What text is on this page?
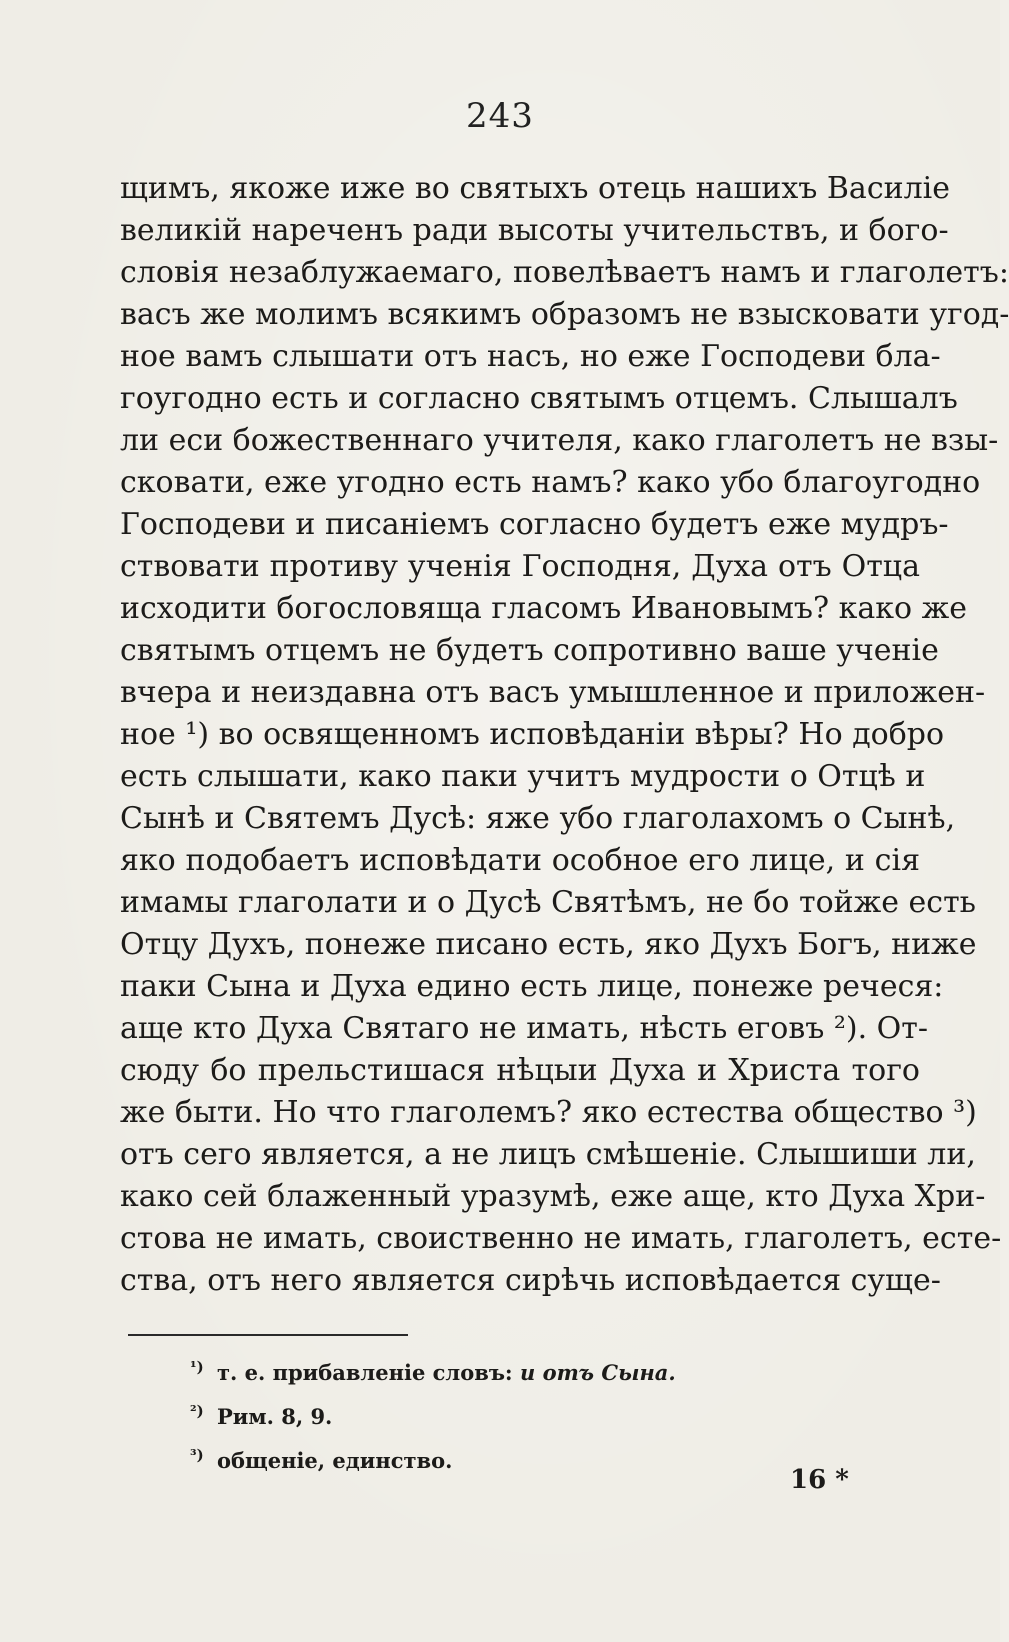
243
щимъ, якоже иже во святыхъ отець нашихъ Василіе
великій нареченъ ради высоты учительствъ, и бого-
словія незаблужаемаго, повелѣваетъ намъ и глаголетъ:
васъ же молимъ всякимъ образомъ не взысковати угод-
ное вамъ слышати отъ насъ, но еже Господеви бла-
гоугодно есть и согласно святымъ отцемъ. Слышалъ
ли еси божественнаго учителя, како глаголетъ не взы-
сковати, еже угодно есть намъ? како убо благоугодно
Господеви и писаніемъ согласно будетъ еже мудръ-
ствовати противу ученія Господня, Духа отъ Отца
исходити богословяща гласомъ Ивановымъ? како же
святымъ отцемъ не будетъ сопротивно ваше ученіе
вчера и неиздавна отъ васъ умышленное и приложен-
ное ¹) во освященномъ исповѣданіи вѣры? Но добро
есть слышати, како паки учитъ мудрости о Отцѣ и
Сынѣ и Святемъ Дусѣ: яже убо глаголахомъ о Сынѣ,
яко подобаетъ исповѣдати особное его лице, и сія
имамы глаголати и о Дусѣ Святѣмъ, не бо тойже есть
Отцу Духъ, понеже писано есть, яко Духъ Богъ, ниже
паки Сына и Духа едино есть лице, понеже речеся:
аще кто Духа Святаго не имать, нѣсть еговъ ²). От-
сюду бо прельстишася нѣцыи Духа и Христа того
же быти. Но что глаголемъ? яко естества общество ³)
отъ сего является, а не лицъ смѣшеніе. Слышиши ли,
како сей блаженный уразумѣ, еже аще, кто Духа Хри-
стова не имать, своиственно не имать, глаголетъ, есте-
ства, отъ него является сирѣчь исповѣдается суще-
$^{^1)}$ т. е. прибавленіе словъ: и отъ Сына.
$^{^2)}$ Рим. 8, 9.
$^{^3)}$ общеніе, единство.
16 *
